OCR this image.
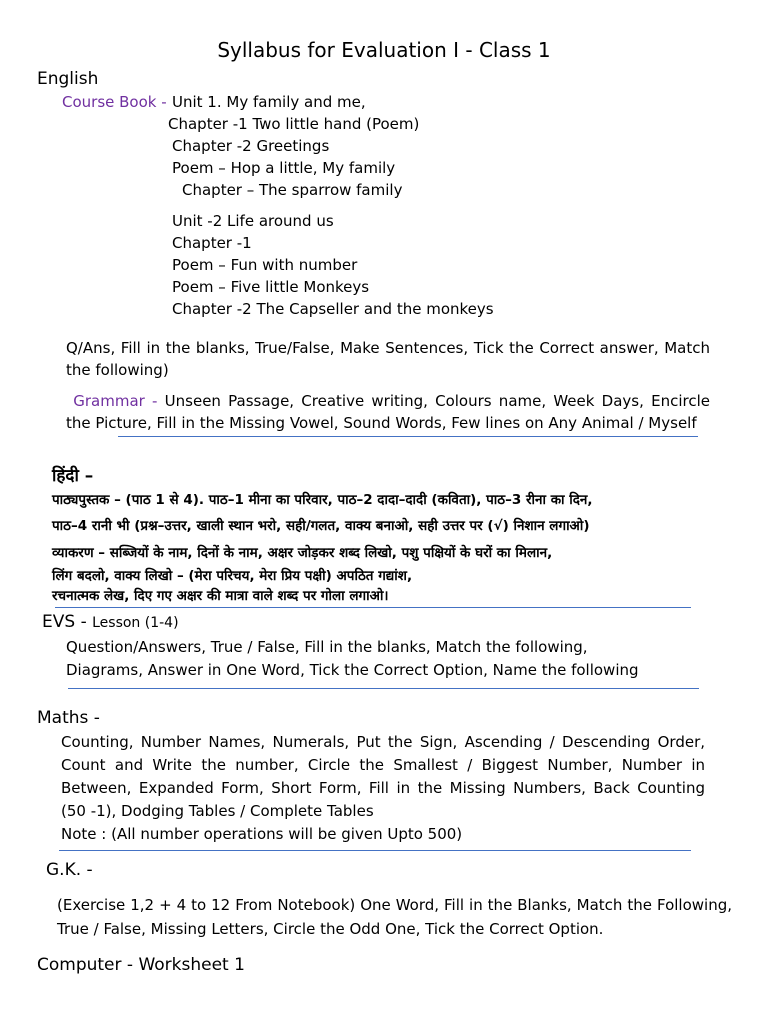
Syllabus for Evaluation I - Class 1
English
Course Book - Unit 1. My family and me,
Chapter -1 Two little hand (Poem)
Chapter -2 Greetings
Poem – Hop a little, My family
Chapter – The sparrow family
Unit -2 Life around us
Chapter -1
Poem – Fun with number
Poem – Five little Monkeys
Chapter -2 The Capseller and the monkeys
Q/Ans, Fill in the blanks, True/False, Make Sentences, Tick the Correct answer, Match the following)
Grammar - Unseen Passage, Creative writing, Colours name, Week Days, Encircle the Picture, Fill in the Missing Vowel, Sound Words, Few lines on Any Animal / Myself
हिंदी –
पाठ्यपुस्तक – (पाठ 1 से 4). पाठ–1 मीना का परिवार, पाठ–2 दादा–दादी (कविता), पाठ–3 रीना का दिन,
पाठ–4 रानी भी (प्रश्न–उत्तर, खाली स्थान भरो, सही/गलत, वाक्य बनाओ, सही उत्तर पर (√) निशान लगाओ)
व्याकरण – सब्जियों के नाम, दिनों के नाम, अक्षर जोड़कर शब्द लिखो, पशु पक्षियों के घरों का मिलान,
लिंग बदलो, वाक्य लिखो – (मेरा परिचय, मेरा प्रिय पक्षी) अपठित गद्यांश,
रचनात्मक लेख, दिए गए अक्षर की मात्रा वाले शब्द पर गोला लगाओ।
EVS - Lesson (1-4)
Question/Answers, True / False, Fill in the blanks, Match the following,
Diagrams, Answer in One Word, Tick the Correct Option, Name the following
Maths -
Counting, Number Names, Numerals, Put the Sign, Ascending / Descending Order, Count and Write the number, Circle the Smallest / Biggest Number, Number in Between, Expanded Form, Short Form, Fill in the Missing Numbers, Back Counting (50 -1), Dodging Tables / Complete Tables
Note : (All number operations will be given Upto 500)
G.K. -
(Exercise 1,2 + 4 to 12 From Notebook) One Word, Fill in the Blanks, Match the Following, True / False, Missing Letters, Circle the Odd One, Tick the Correct Option.
Computer - Worksheet 1
